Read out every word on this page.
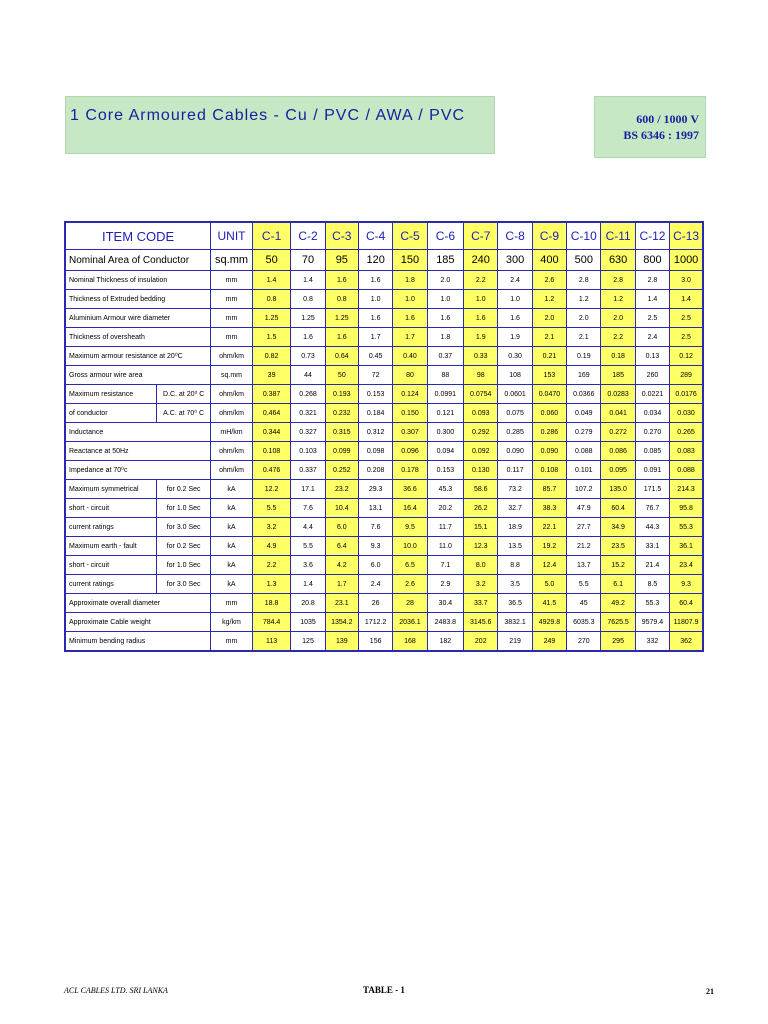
1 Core Armoured Cables - Cu / PVC / AWA / PVC	600 / 1000 V
BS 6346 : 1997
ITEM CODE		UNIT	C-1	C-2	C-3	C-4	C-5	C-6	C-7	C-8	C-9	C-10	C-11	C-12	C-13
Nominal Area of Conductor		sq.mm	50	70	95	120	150	185	240	300	400	500	630	800	1000
Nominal Thickness of insulation		mm	1.4	1.4	1.6	1.6	1.8	2.0	2.2	2.4	2.6	2.8	2.8	2.8	3.0
Thickness of Extruded bedding		mm	0.8	0.8	0.8	1.0	1.0	1.0	1.0	1.0	1.2	1.2	1.2	1.4	1.4
Aluminium Armour wire diameter		mm	1.25	1.25	1.25	1.6	1.6	1.6	1.6	1.6	2.0	2.0	2.0	2.5	2.5
Thickness of oversheath		mm	1.5	1.6	1.6	1.7	1.7	1.8	1.9	1.9	2.1	2.1	2.2	2.4	2.5
Maximum armour resistance at 20⁰C		ohm/km	0.82	0.73	0.64	0.45	0.40	0.37	0.33	0.30	0.21	0.19	0.18	0.13	0.12
Gross armour wire area		sq.mm	39	44	50	72	80	88	98	108	153	169	185	260	289
Maximum resistance	D.C. at 20⁰ C	ohm/km	0.387	0.268	0.193	0.153	0.124	0.0991	0.0754	0.0601	0.0470	0.0366	0.0283	0.0221	0.0176
of conductor	A.C. at 70⁰ C	ohm/km	0.464	0.321	0.232	0.184	0.150	0.121	0.093	0.075	0.060	0.049	0.041	0.034	0.030
Inductance		mH/km	0.344	0.327	0.315	0.312	0.307	0.300	0.292	0.285	0.286	0.279	0.272	0.270	0.265
Reactance at 50Hz		ohm/km	0.108	0.103	0.099	0.098	0.096	0.094	0.092	0.090	0.090	0.088	0.086	0.085	0.083
Impedance at 70⁰c		ohm/km	0.476	0.337	0.252	0.208	0.178	0.153	0.130	0.117	0.108	0.101	0.095	0.091	0.088
Maximum symmetrical	for 0.2 Sec	kA	12.2	17.1	23.2	29.3	36.6	45.3	58.6	73.2	85.7	107.2	135.0	171.5	214.3
short - circuit	for 1.0 Sec	kA	5.5	7.6	10.4	13.1	16.4	20.2	26.2	32.7	38.3	47.9	60.4	76.7	95.8
current ratings	for 3.0 Sec	kA	3.2	4.4	6.0	7.6	9.5	11.7	15.1	18.9	22.1	27.7	34.9	44.3	55.3
Maximum earth - fault	for 0.2 Sec	kA	4.9	5.5	6.4	9.3	10.0	11.0	12.3	13.5	19.2	21.2	23.5	33.1	36.1
short - circuit	for 1.0 Sec	kA	2.2	3.6	4.2	6.0	6.5	7.1	8.0	8.8	12.4	13.7	15.2	21.4	23.4
current ratings	for 3.0 Sec	kA	1.3	1.4	1.7	2.4	2.6	2.9	3.2	3.5	5.0	5.5	6.1	8.5	9.3
Approximate overall diameter		mm	18.8	20.8	23.1	26	28	30.4	33.7	36.5	41.5	45	49.2	55.3	60.4
Approximate Cable weight		kg/km	784.4	1035	1354.2	1712.2	2036.1	2483.8	3145.6	3832.1	4929.8	6035.3	7625.5	9579.4	11807.9
Minimum bending radius		mm	113	125	139	156	168	182	202	219	249	270	295	332	362
ACL CABLES LTD. SRI LANKA	TABLE - 1	21
